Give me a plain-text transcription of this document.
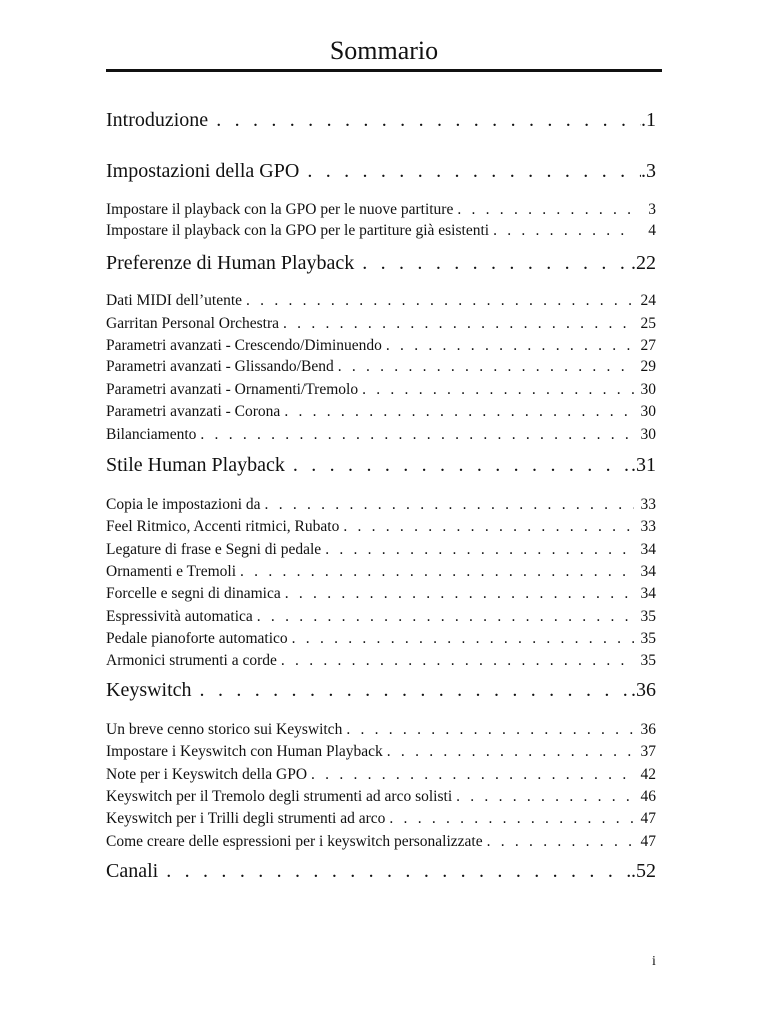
Sommario
Introduzione . . .	.1
Impostazioni della GPO . . .	.3
Impostare il playback con la GPO per le nuove partiture . . .	3
Impostare il playback con la GPO per le partiture già esistenti . . .	4
Preferenze di Human Playback . . .	.22
Dati MIDI dell’utente . . .	24
Garritan Personal Orchestra . . .	25
Parametri avanzati - Crescendo/Diminuendo . . .	27
Parametri avanzati - Glissando/Bend . . .	29
Parametri avanzati - Ornamenti/Tremolo . . .	30
Parametri avanzati - Corona . . .	30
Bilanciamento . . .	30
Stile Human Playback . . .	.31
Copia le impostazioni da . . .	33
Feel Ritmico, Accenti ritmici, Rubato . . .	33
Legature di frase e Segni di pedale . . .	34
Ornamenti e Tremoli . . .	34
Forcelle e segni di dinamica . . .	34
Espressività automatica . . .	35
Pedale pianoforte automatico . . .	35
Armonici strumenti a corde . . .	35
Keyswitch . . .	.36
Un breve cenno storico sui Keyswitch . . .	36
Impostare i Keyswitch con Human Playback . . .	37
Note per i Keyswitch della GPO . . .	42
Keyswitch per il Tremolo degli strumenti ad arco solisti . . .	46
Keyswitch per i Trilli degli strumenti ad arco . . .	47
Come creare delle espressioni per i keyswitch personalizzate . . .	47
Canali . . .	.52
i
